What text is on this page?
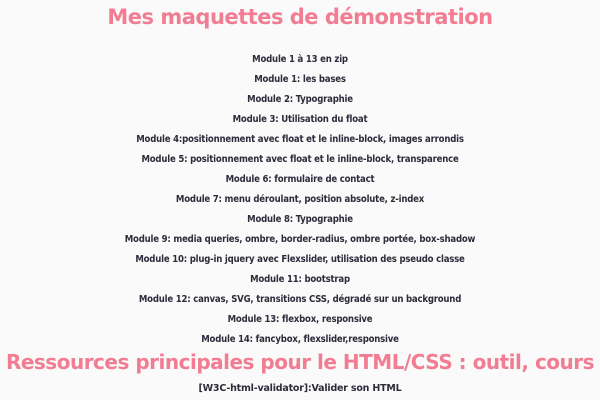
Mes maquettes de démonstration
Module 1 à 13 en zip
Module 1: les bases
Module 2: Typographie
Module 3: Utilisation du float
Module 4:positionnement avec float et le inline-block, images arrondis
Module 5: positionnement avec float et le inline-block, transparence
Module 6: formulaire de contact
Module 7: menu déroulant, position absolute, z-index
Module 8: Typographie
Module 9: media queries, ombre, border-radius, ombre portée, box-shadow
Module 10: plug-in jquery avec Flexslider, utilisation des pseudo classe
Module 11: bootstrap
Module 12: canvas, SVG, transitions CSS, dégradé sur un background
Module 13: flexbox, responsive
Module 14: fancybox, flexslider,responsive
Ressources principales pour le HTML/CSS : outil, cours
[W3C-html-validator]:Valider son HTML
